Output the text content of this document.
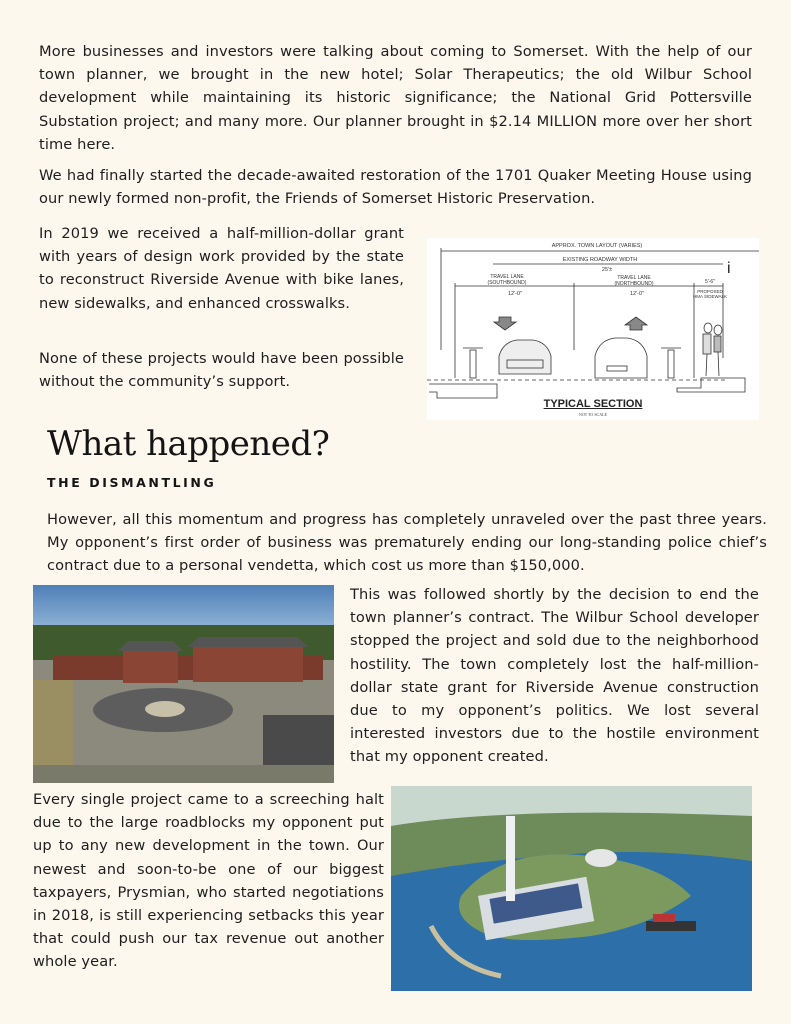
More businesses and investors were talking about coming to Somerset. With the help of our town planner, we brought in the new hotel; Solar Therapeutics; the old Wilbur School development while maintaining its historic significance; the National Grid Pottersville Substation project; and many more. Our planner brought in $2.14 MILLION more over her short time here.

We had finally started the decade-awaited restoration of the 1701 Quaker Meeting House using our newly formed non-profit, the Friends of Somerset Historic Preservation.

In 2019 we received a half-million-dollar grant with years of design work provided by the state to reconstruct Riverside Avenue with bike lanes, new sidewalks, and enhanced crosswalks.

None of these projects would have been possible without the community’s support.

APPROX. TOWN LAYOUT (VARIES)
EXISTING ROADWAY WIDTH
25'±	i
TRAVEL LANE
(SOUTHBOUND)
12'-0"
TRAVEL LANE
(NORTHBOUND)
12'-0"
5'-6"
PROPOSED
HMA SIDEWALK
TYPICAL SECTION
NOT TO SCALE
What happened?
THE DISMANTLING

However, all this momentum and progress has completely unraveled over the past three years. My opponent’s first order of business was prematurely ending our long-standing police chief’s contract due to a personal vendetta, which cost us more than $150,000.

This was followed shortly by the decision to end the town planner’s contract. The Wilbur School developer stopped the project and sold due to the neighborhood hostility. The town completely lost the half-million-dollar state grant for Riverside Avenue construction due to my opponent’s politics. We lost several interested investors due to the hostile environment that my opponent created.

Every single project came to a screeching halt due to the large roadblocks my opponent put up to any new development in the town. Our newest and soon-to-be one of our biggest taxpayers, Prysmian, who started negotiations in 2018, is still experiencing setbacks this year that could push our tax revenue out another whole year.
